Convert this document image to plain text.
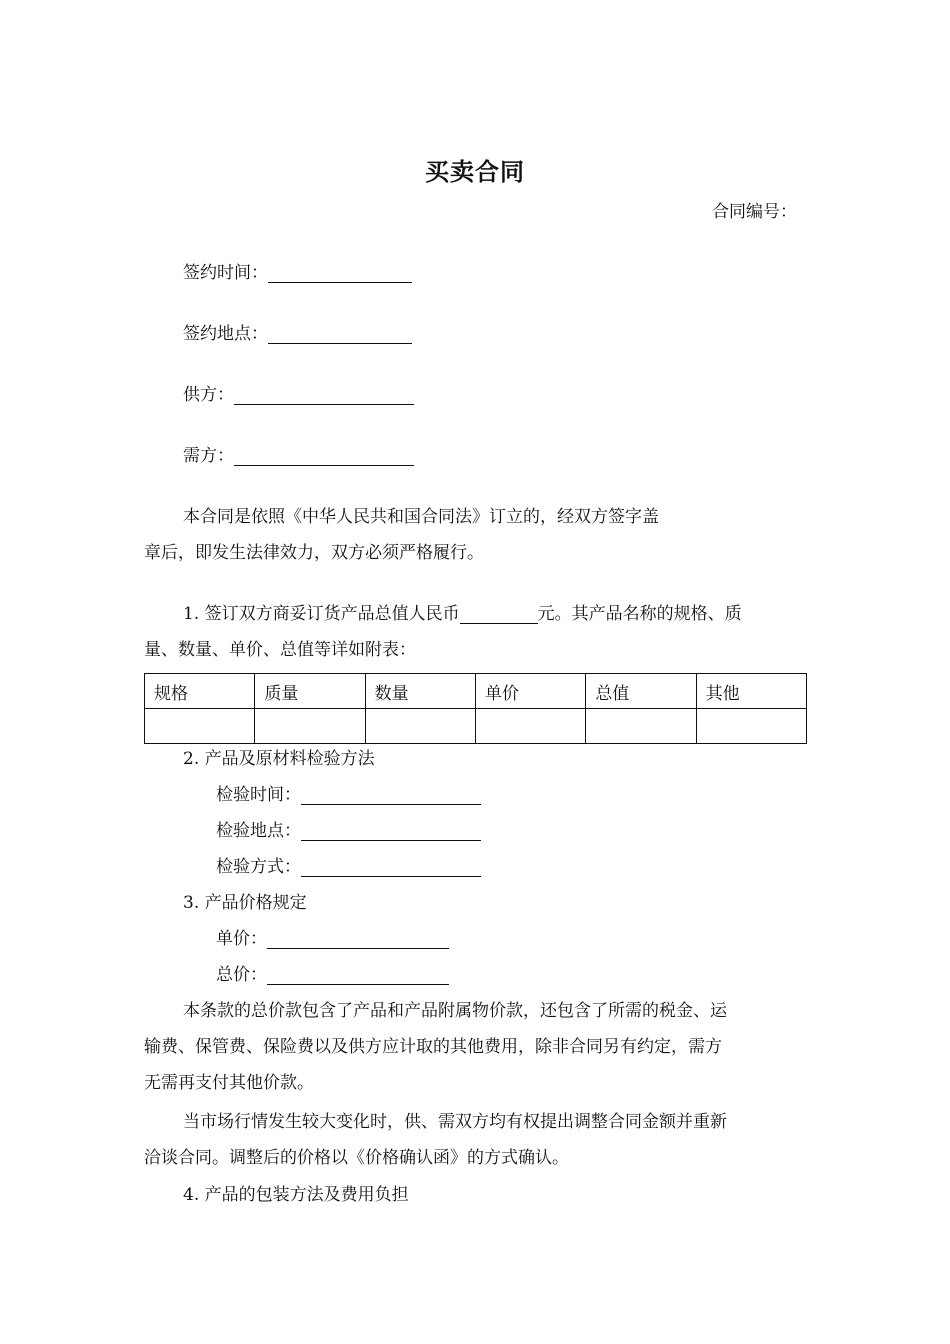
买卖合同
合同编号：
签约时间：
签约地点：
供方：
需方：
本合同是依照《中华人民共和国合同法》订立的，经双方签字盖
章后，即发生法律效力，双方必须严格履行。
1. 签订双方商妥订货产品总值人民币	元。其产品名称的规格、质
量、数量、单价、总值等详如附表：
规格	质量	数量	单价	总值	其他

2. 产品及原材料检验方法
检验时间：
检验地点：
检验方式：
3. 产品价格规定
单价：
总价：
本条款的总价款包含了产品和产品附属物价款，还包含了所需的税金、运
输费、保管费、保险费以及供方应计取的其他费用，除非合同另有约定，需方
无需再支付其他价款。
当市场行情发生较大变化时，供、需双方均有权提出调整合同金额并重新
洽谈合同。调整后的价格以《价格确认函》的方式确认。
4. 产品的包装方法及费用负担
